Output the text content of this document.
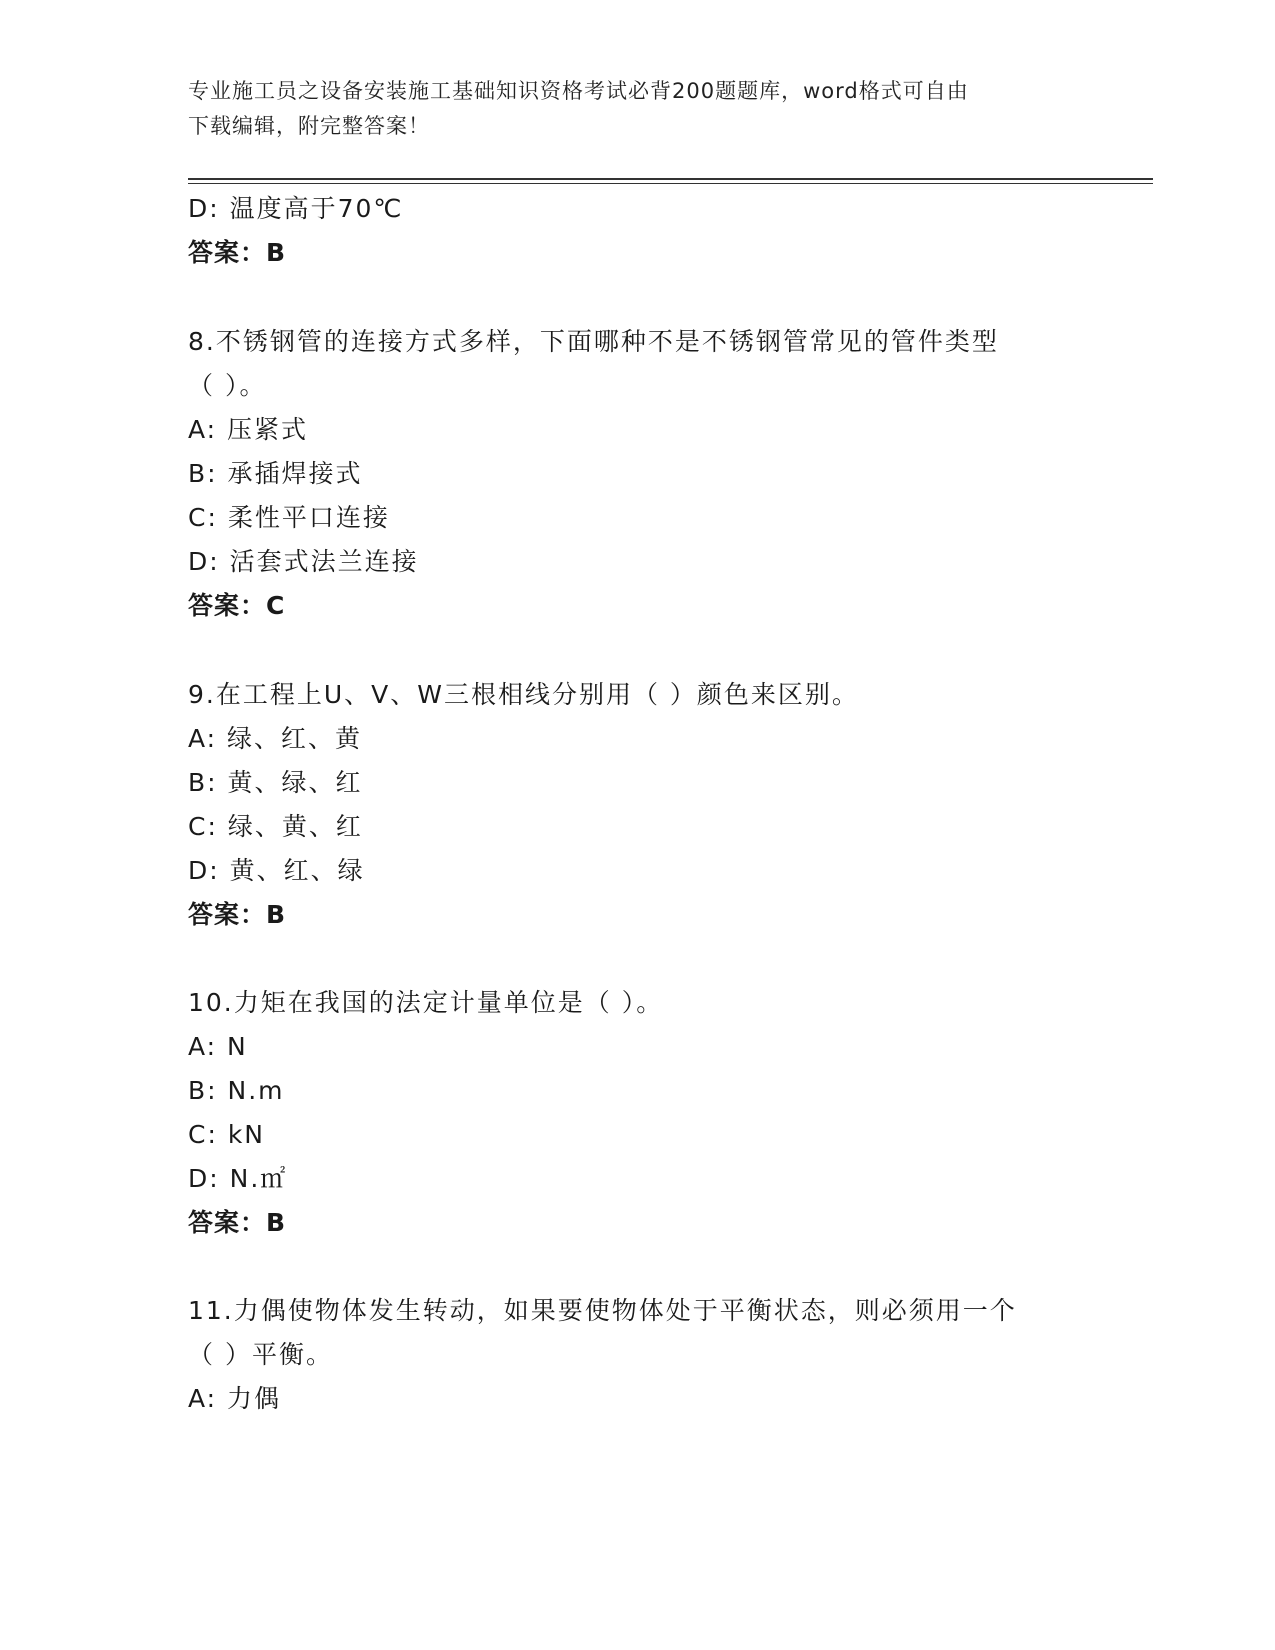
专业施工员之设备安装施工基础知识资格考试必背200题题库，word格式可自由
下载编辑，附完整答案！
D: 温度高于70℃
答案：B
8.不锈钢管的连接方式多样，下面哪种不是不锈钢管常见的管件类型
（ ）。
A: 压紧式
B: 承插焊接式
C: 柔性平口连接
D: 活套式法兰连接
答案：C
9.在工程上U、V、W三根相线分别用（ ）颜色来区别。
A: 绿、红、黄
B: 黄、绿、红
C: 绿、黄、红
D: 黄、红、绿
答案：B
10.力矩在我国的法定计量单位是（ ）。
A: N
B: N.m
C: kN
D: N.㎡
答案：B
11.力偶使物体发生转动，如果要使物体处于平衡状态，则必须用一个
（ ）平衡。
A: 力偶
